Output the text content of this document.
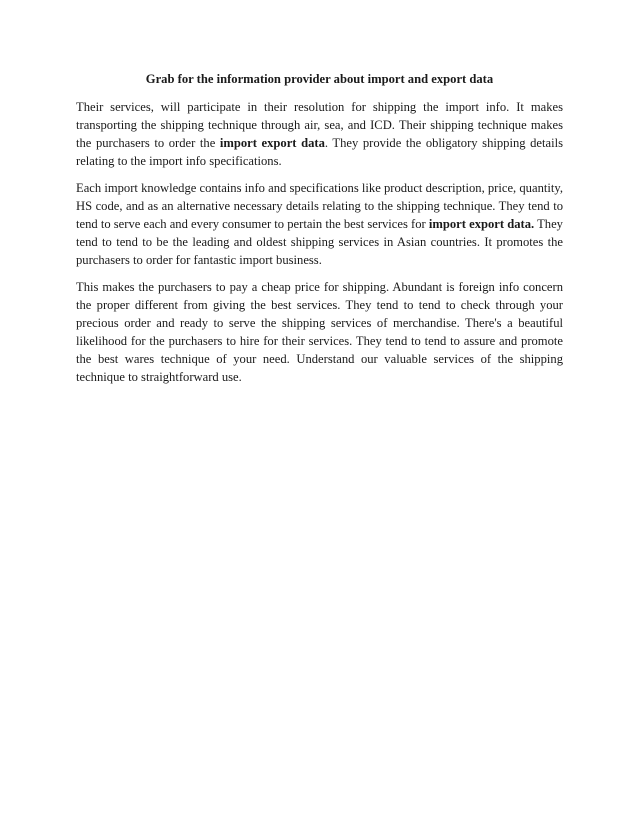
Grab for the information provider about import and export data

Their services, will participate in their resolution for shipping the import info. It makes transporting the shipping technique through air, sea, and ICD. Their shipping technique makes the purchasers to order the import export data. They provide the obligatory shipping details relating to the import info specifications.

Each import knowledge contains info and specifications like product description, price, quantity, HS code, and as an alternative necessary details relating to the shipping technique. They tend to tend to serve each and every consumer to pertain the best services for import export data. They tend to tend to be the leading and oldest shipping services in Asian countries. It promotes the purchasers to order for fantastic import business.

This makes the purchasers to pay a cheap price for shipping. Abundant is foreign info concern the proper different from giving the best services. They tend to tend to check through your precious order and ready to serve the shipping services of merchandise. There's a beautiful likelihood for the purchasers to hire for their services. They tend to tend to assure and promote the best wares technique of your need. Understand our valuable services of the shipping technique to straightforward use.
